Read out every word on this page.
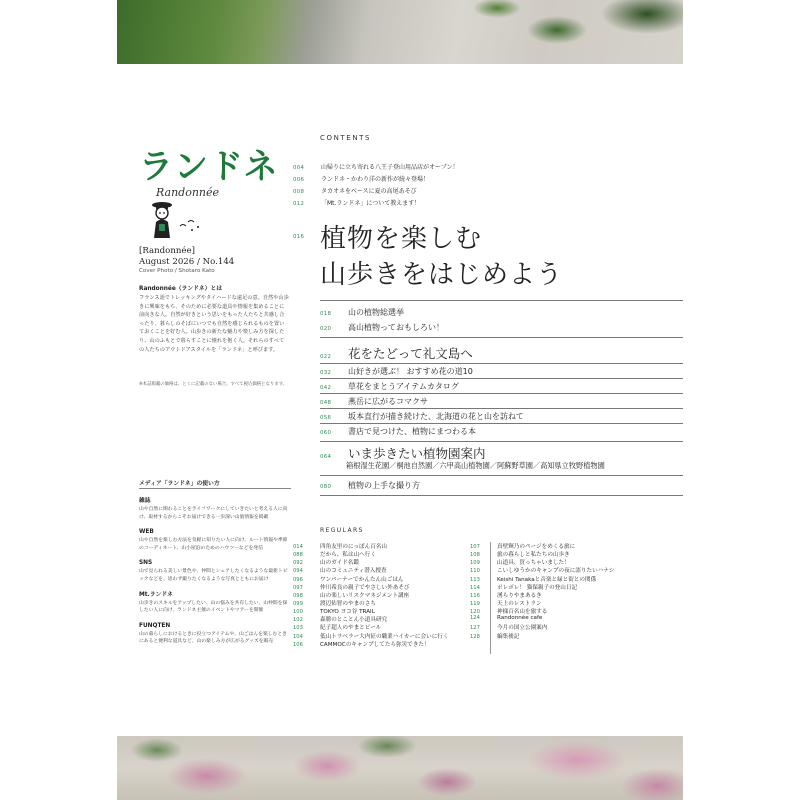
ランドネ
Randonnée
[Randonnée]
August 2026 / No.144
Cover Photo / Shotaro Kato
Randonnée（ランドネ）とは
フランス語でトレッキングやタイハードな遠足の意。自然や山歩きに興味をもち、そのために必要な道具や情報を集めることに前向きな人。自然が好きという思いをもった人たちと共感し合ったり、暮らしのそばにいつでも自然を感じられるものを置いておくことを好む人。山歩きの新たな魅力や楽しみ方を探したり、山のふもとで暮らすことに憧れを抱く人。それらのすべての人たちのアウトドアスタイルを「ランドネ」と呼びます。
※本誌掲載の価格は、とくに記載のない場合、すべて税込価格となります。
メディア「ランドネ」の使い方
雑誌
山や自然に関わることをライフワークにしていきたいと考える人に向け、取材するからこそお届けできる一歩深い山旅情報を掲載
WEB
山や自然を楽しむ方法を気軽に知りたい人に向け、ルート情報や季節のコーディネート、山小屋泊のためのハウツーなどを発信
SNS
山で見られる美しい景色や、仲間とシェアしたくなるような最新トピックなどを、思わず撮りたくなるような写真とともにお届け
Mt.ランドネ
山歩きのスキルをアップしたい、山の悩みを共有したい、山仲間を探したい人に向け、ランドネ主催のイベントやツアーを開催
FUNQTEN
山の暮らしにおけるときに役立つアイテムや、山ごはんを楽しむときにあると便利な道具など、山の楽しみ方が広がるグッズを販売
CONTENTS
004	山帰りに立ち寄れる八王子登山用品店がオープン！
006	ランドネ・かわり洋の新作が続々登場！
008	タカオネをベースに夏の高尾あそび
012	「Mt.ランドネ」について教えます！
016 植物を楽しむ
山歩きをはじめよう
018	山の植物総選挙
020	高山植物っておもしろい！
022	花をたどって礼文島へ
032	山好きが選ぶ！ おすすめ花の道10
042	草花をまとうアイテムカタログ
048	燕岳に広がるコマクサ
056	坂本直行が描き続けた、北海道の花と山を訪ねて
060	書店で見つけた、植物にまつわる本
064	いま歩きたい植物園案内
箱根湿生花園／桐池自然園／六甲高山植物園／阿蘇野草園／高知県立牧野植物園
080	植物の上手な撮り方
REGULARS
014	四角友里のにっぽん百名山
088	だから、私は山へ行く
092	山のガイド名鑑
094	山のコミュニティ潜入捜査
096	ワンバーナーでかんたん山ごはん
097	仲川希良の親子でやさしい外あそび
098	山の楽しいリスクマネジメント講座
099	渡辺佑智のやまのさち
100	TOKYO ヨコ谷 TRAIL
102	森勝のとことん小道具研究
103	紀子超人のやまとビール
104	低山トラベラー大内征の職業ハイカーに会いに行く
106	CAMMOCのキャンプしてたら弥災できた！
107	真壁輝乃のページをめくる旅に
108	旅の暮らしと私たちの山歩き
109	山道具、買っちゃいました！
110	こいしゆうかのキャンプの夜に語りたいハナシ
113	Keishi Tanakaと音楽と緑と街との関係
114	ポレポレ！ 猫保親子の登山日記
116	湧らりやまあるき
119	天上のレストラン
120	神様百名山を旅する
124	Randonnée cafe
127	今月の国立公園案内
128	編集後記
